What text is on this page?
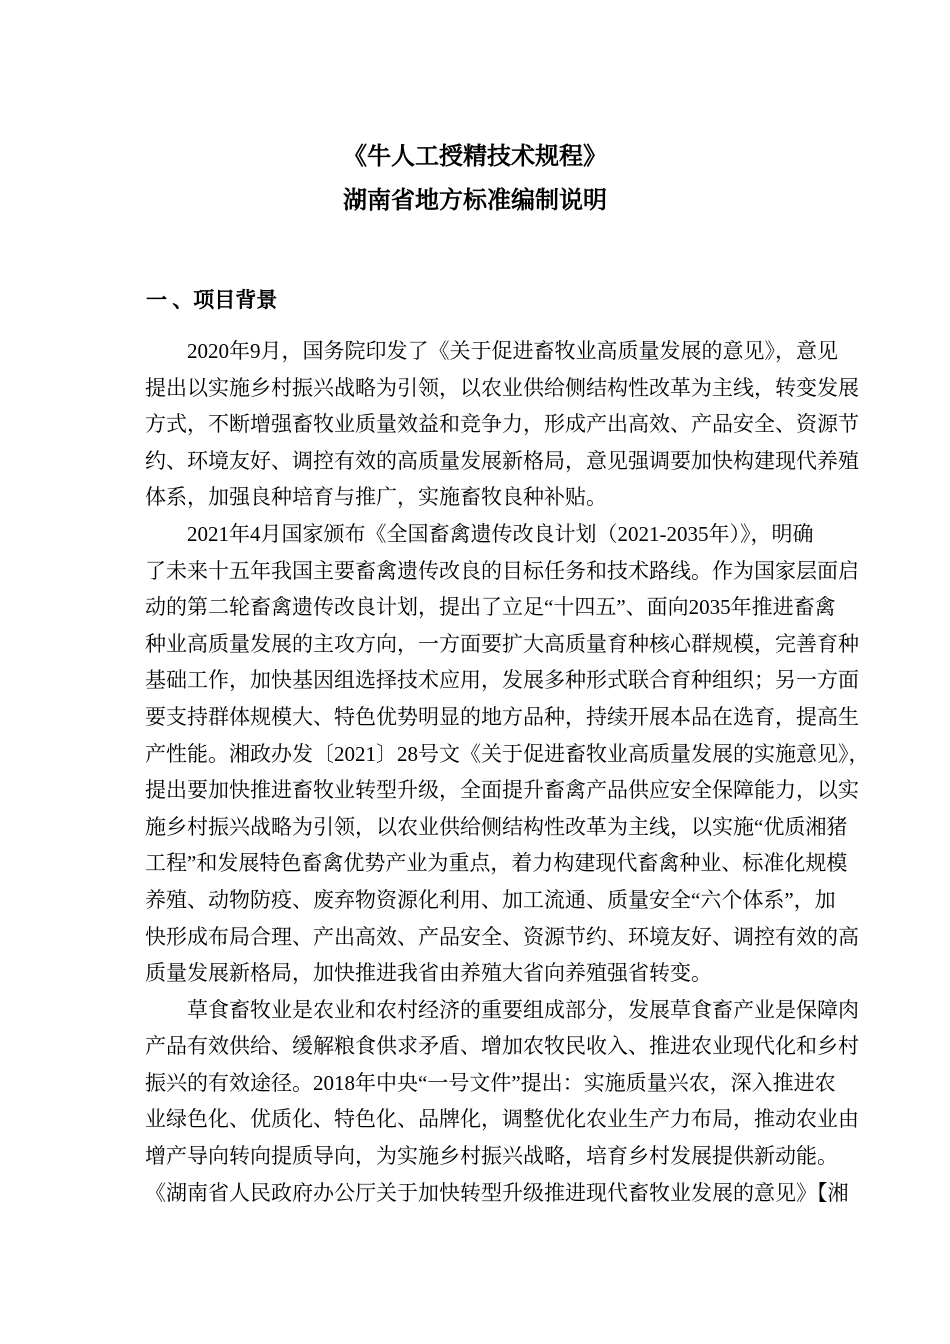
《牛人工授精技术规程》
湖南省地方标准编制说明
一 、项目背景
2020年9月，国务院印发了《关于促进畜牧业高质量发展的意见》，意见
提出以实施乡村振兴战略为引领，以农业供给侧结构性改革为主线，转变发展
方式，不断增强畜牧业质量效益和竞争力，形成产出高效、产品安全、资源节
约、环境友好、调控有效的高质量发展新格局，意见强调要加快构建现代养殖
体系，加强良种培育与推广，实施畜牧良种补贴。
2021年4月国家颁布《全国畜禽遗传改良计划（2021-2035年）》，明确
了未来十五年我国主要畜禽遗传改良的目标任务和技术路线。作为国家层面启
动的第二轮畜禽遗传改良计划，提出了立足“十四五”、面向2035年推进畜禽
种业高质量发展的主攻方向，一方面要扩大高质量育种核心群规模，完善育种
基础工作，加快基因组选择技术应用，发展多种形式联合育种组织；另一方面
要支持群体规模大、特色优势明显的地方品种，持续开展本品在选育，提高生
产性能。湘政办发〔2021〕28号文《关于促进畜牧业高质量发展的实施意见》，
提出要加快推进畜牧业转型升级，全面提升畜禽产品供应安全保障能力，以实
施乡村振兴战略为引领，以农业供给侧结构性改革为主线，以实施“优质湘猪
工程”和发展特色畜禽优势产业为重点，着力构建现代畜禽种业、标准化规模
养殖、动物防疫、废弃物资源化利用、加工流通、质量安全“六个体系”，加
快形成布局合理、产出高效、产品安全、资源节约、环境友好、调控有效的高
质量发展新格局，加快推进我省由养殖大省向养殖强省转变。
草食畜牧业是农业和农村经济的重要组成部分，发展草食畜产业是保障肉
产品有效供给、缓解粮食供求矛盾、增加农牧民收入、推进农业现代化和乡村
振兴的有效途径。2018年中央“一号文件”提出：实施质量兴农，深入推进农
业绿色化、优质化、特色化、品牌化，调整优化农业生产力布局，推动农业由
增产导向转向提质导向，为实施乡村振兴战略，培育乡村发展提供新动能。
《湖南省人民政府办公厅关于加快转型升级推进现代畜牧业发展的意见》【湘
